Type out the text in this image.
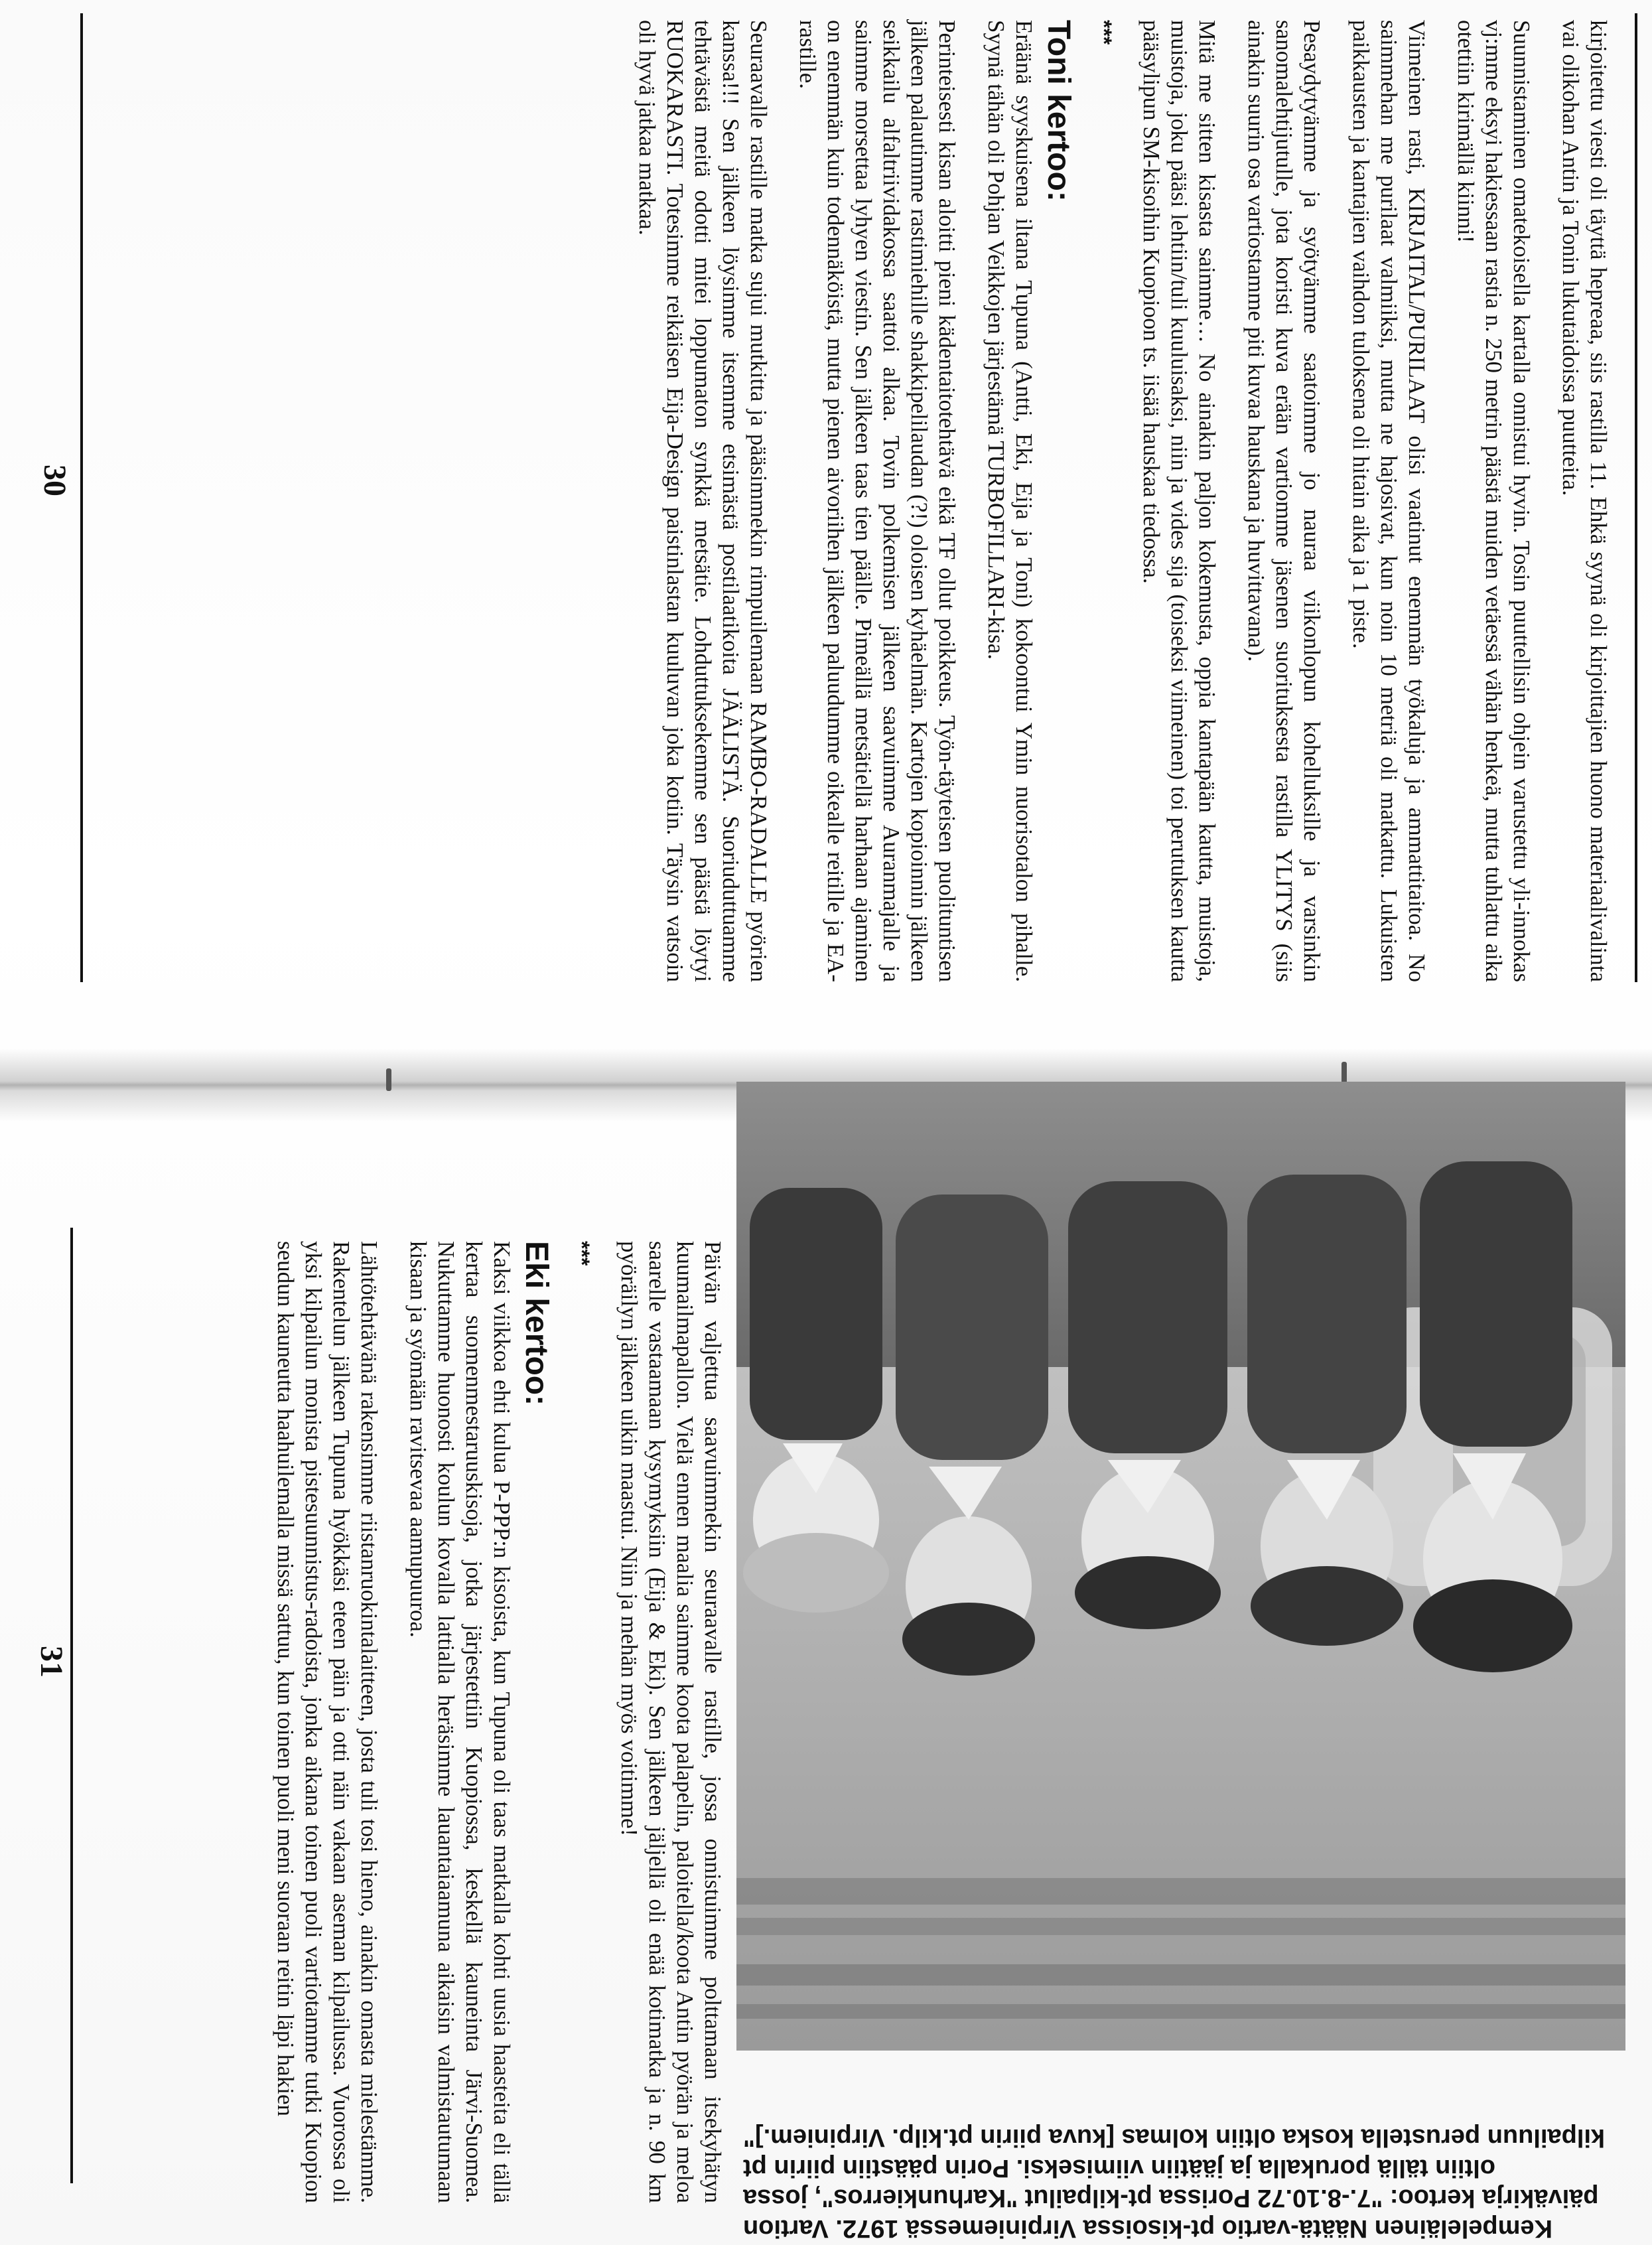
kirjoitettu viesti oli täyttä hepreaa, siis rastilla 11. Ehkä syynä oli kirjoittajien huono materiaalivalinta vai olikohan Antin ja Tonin lukutaidoissa puutteita.

Suunnistaminen omatekoisella kartalla onnistui hyvin. Tosin puuttellisin ohjein varustettu yli-innokas vj:mme eksyi hakiessaan rastia n. 250 metrin päästä muiden vetäessä vähän henkeä, mutta tuhlattu aika otettiin kirimällä kiinni!

Viimeinen rasti, KIRJAITAL/PURILAAT olisi vaatinut enemmän työkaluja ja ammattitaitoa. No saimmehan me purilaat valmiiksi, mutta ne hajosivat, kun noin 10 metriä oli matkattu. Lukuisten paikkausten ja kantajien vaihdon tuloksena oli hitain aika ja 1 piste.

Pesaydytyämme ja syötyämme saatoimme jo nauraa viikonlopun kohelluksille ja varsinkin sanomalehtijutulle, jota koristi kuva erään vartiomme jäsenen suorituksesta rastilla YLITYS (siis ainakin suurin osa vartiostamme piti kuvaa hauskana ja huvittavana).

Mitä me sitten kisasta saimme… No ainakin paljon kokemusta, oppia kantapään kautta, muistoja, muistoja, joku pääsi lehtiin/tuli kuuluisaksi, niin ja vides sija (toiseksi viimeinen) toi perutuksen kautta pääsylipun SM-kisoihin Kuopioon ts. iisää hauskaa tiedossa.

***
Toni kertoo:

Eräänä syyskuisena iltana Tupuna (Antti, Eki, Eija ja Toni) kokoontui Ymin nuorisotalon pihalle. Syynä tähän oli Pohjan Veikkojen järjestämä TURBOFILLARI-kisa.

Perinteisesti kisan aloitti pieni kädentaitotehtävä eikä TF ollut poikkeus. Työn-täyteisen puolituntisen jälkeen palautimme rastimiehille shakkipelilaudan (?!) oloisen kyhäelmän. Kartojen kopioinnin jälkeen seikkailu alfaltriividakossa saattoi alkaa. Tovin polkemisen jälkeen saavuimme Auranmajalle ja saimme morsettaa lyhyen viestin. Sen jälkeen taas tien päälle. Pimeällä metsätiellä harhaan ajaminen on enemmän kuin todennäköistä, mutta pienen aivoriihen jälkeen paluudumme oikealle reitille ja EA-rastille.

Seuraavalle rastille matka sujui mutkitta ja pääsimmekin rimpuilemaan RAMBO-RADALLE pyörien kanssa!!! Sen jälkeen löysimme itsemme etsimästä postilaatikoita JÄÄLISTÄ. Suoriuduttuamme tehtävästä meitä odotti mitei loppumaton synkkä metsätie. Lohduttuksekemme sen päästä löytyi RUOKARASTI. Totesimme reikäisen Eija-Design paistinlastan kuuluvan joka kotiin. Täysin vatsoin oli hyvä jatkaa matkaa.

30
Kempeleläinen Näätä-vartio pt-kisoissa Virpiniemessä 1972. Vartion päiväkirja kertoo: "7.-8.10.72 Porissa pt-kilpailut "Karhunkierros", jossa oltiin tällä porukalla ja jäätiin viimiseksi. Porin päästiin piirin pt kilpailuun perustella koska oltiin kolmas [kuva piirin pt.kilp. Virpiniem.]"

Päivän valjettua saavuimmekin seuraavalle rastille, jossa onnistuimme polttamaan itsekyhätyn kuumailmapallon. Vielä ennen maalia saimme koota palapelin, paloitella/koota Antin pyörän ja meloa saarelle vastaamaan kysymyksiin (Eija & Eki). Sen jälkeen jäljellä oli enää kotimatka ja n. 90 km pyöräilyn jälkeen uikin maastui. Niin ja mehän myös voitimme!

***
Eki kertoo:

Kaksi viikkoa ehti kulua P-PPP:n kisoista, kun Tupuna oli taas matkalla kohti uusia haasteita eli tällä kertaa suomenmestaruuskisoja, jotka järjestettiin Kuopiossa, keskellä kauneinta Järvi-Suomea. Nukuttamme huonosti koulun kovalla lattialla heräsimme lauantaiaamuna aikaisin valmistautumaan kisaan ja syömään ravitsevaa aamupuuroa.

Lähtötehtävänä rakensimme riistanruokintalaitteen, josta tuli tosi hieno, ainakin omasta mielestämme. Rakentelun jälkeen Tupuna hyökkäsi eteen päin ja otti näin vakaan aseman kilpailussa. Vuorossa oli yksi kilpailun monista pistesuunnistus-radoista, jonka aikana toinen puoli vartiotamme tutki Kuopion seudun kauneutta haahuilemalla missä sattuu, kun toinen puoli meni suoraan reitin läpi hakien

31
